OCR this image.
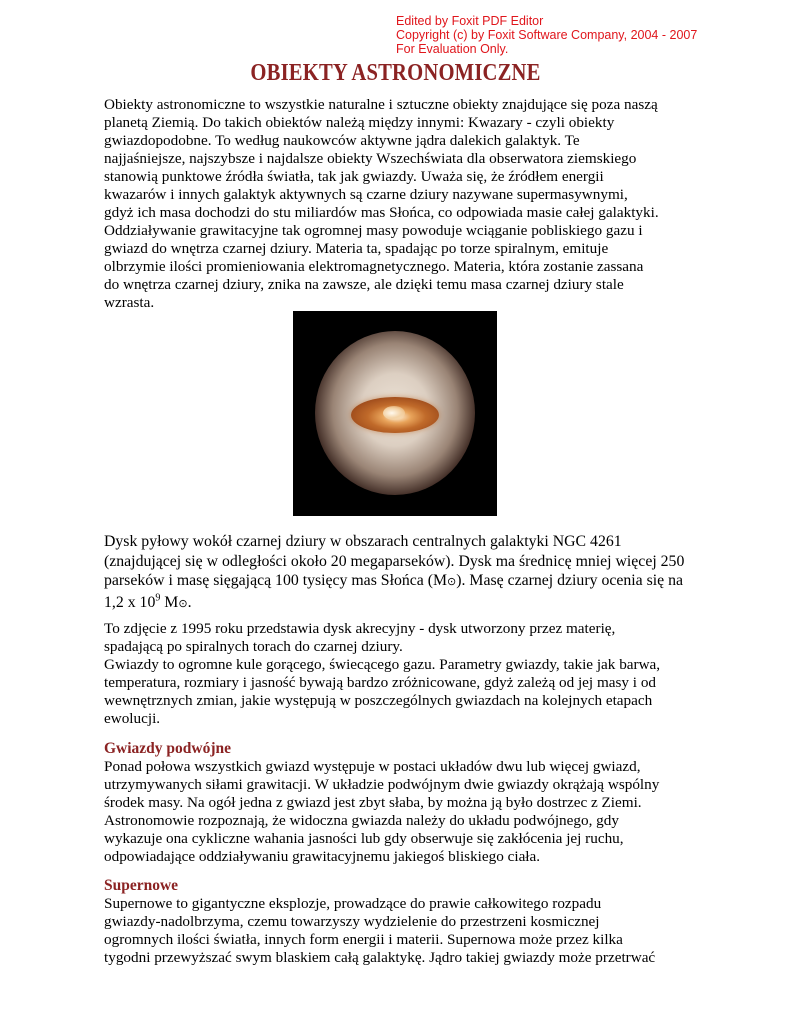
Edited by Foxit PDF Editor
Copyright (c) by Foxit Software Company, 2004 - 2007
For Evaluation Only.
OBIEKTY ASTRONOMICZNE
Obiekty astronomiczne to wszystkie naturalne i sztuczne obiekty znajdujące się poza naszą
planetą Ziemią. Do takich obiektów należą między innymi: Kwazary - czyli obiekty
gwiazdopodobne. To według naukowców aktywne jądra dalekich galaktyk. Te
najjaśniejsze, najszybsze i najdalsze obiekty Wszechświata dla obserwatora ziemskiego
stanowią punktowe źródła światła, tak jak gwiazdy. Uważa się, że źródłem energii
kwazarów i innych galaktyk aktywnych są czarne dziury nazywane supermasywnymi,
gdyż ich masa dochodzi do stu miliardów mas Słońca, co odpowiada masie całej galaktyki.
Oddziaływanie grawitacyjne tak ogromnej masy powoduje wciąganie pobliskiego gazu i
gwiazd do wnętrza czarnej dziury. Materia ta, spadając po torze spiralnym, emituje
olbrzymie ilości promieniowania elektromagnetycznego. Materia, która zostanie zassana
do wnętrza czarnej dziury, znika na zawsze, ale dzięki temu masa czarnej dziury stale
wzrasta.
Dysk pyłowy wokół czarnej dziury w obszarach centralnych galaktyki NGC 4261
(znajdującej się w odległości około 20 megaparseków). Dysk ma średnicę mniej więcej 250
parseków i masę sięgającą 100 tysięcy mas Słońca (M⊙). Masę czarnej dziury ocenia się na
1,2 x $10^9$ M⊙.
To zdjęcie z 1995 roku przedstawia dysk akrecyjny - dysk utworzony przez materię,
spadającą po spiralnych torach do czarnej dziury.
Gwiazdy to ogromne kule gorącego, świecącego gazu. Parametry gwiazdy, takie jak barwa,
temperatura, rozmiary i jasność bywają bardzo zróżnicowane, gdyż zależą od jej masy i od
wewnętrznych zmian, jakie występują w poszczególnych gwiazdach na kolejnych etapach
ewolucji.
Gwiazdy podwójne
Ponad połowa wszystkich gwiazd występuje w postaci układów dwu lub więcej gwiazd,
utrzymywanych siłami grawitacji. W układzie podwójnym dwie gwiazdy okrążają wspólny
środek masy. Na ogół jedna z gwiazd jest zbyt słaba, by można ją było dostrzec z Ziemi.
Astronomowie rozpoznają, że widoczna gwiazda należy do układu podwójnego, gdy
wykazuje ona cykliczne wahania jasności lub gdy obserwuje się zakłócenia jej ruchu,
odpowiadające oddziaływaniu grawitacyjnemu jakiegoś bliskiego ciała.
Supernowe
Supernowe to gigantyczne eksplozje, prowadzące do prawie całkowitego rozpadu
gwiazdy-nadolbrzyma, czemu towarzyszy wydzielenie do przestrzeni kosmicznej
ogromnych ilości światła, innych form energii i materii. Supernowa może przez kilka
tygodni przewyższać swym blaskiem całą galaktykę. Jądro takiej gwiazdy może przetrwać
